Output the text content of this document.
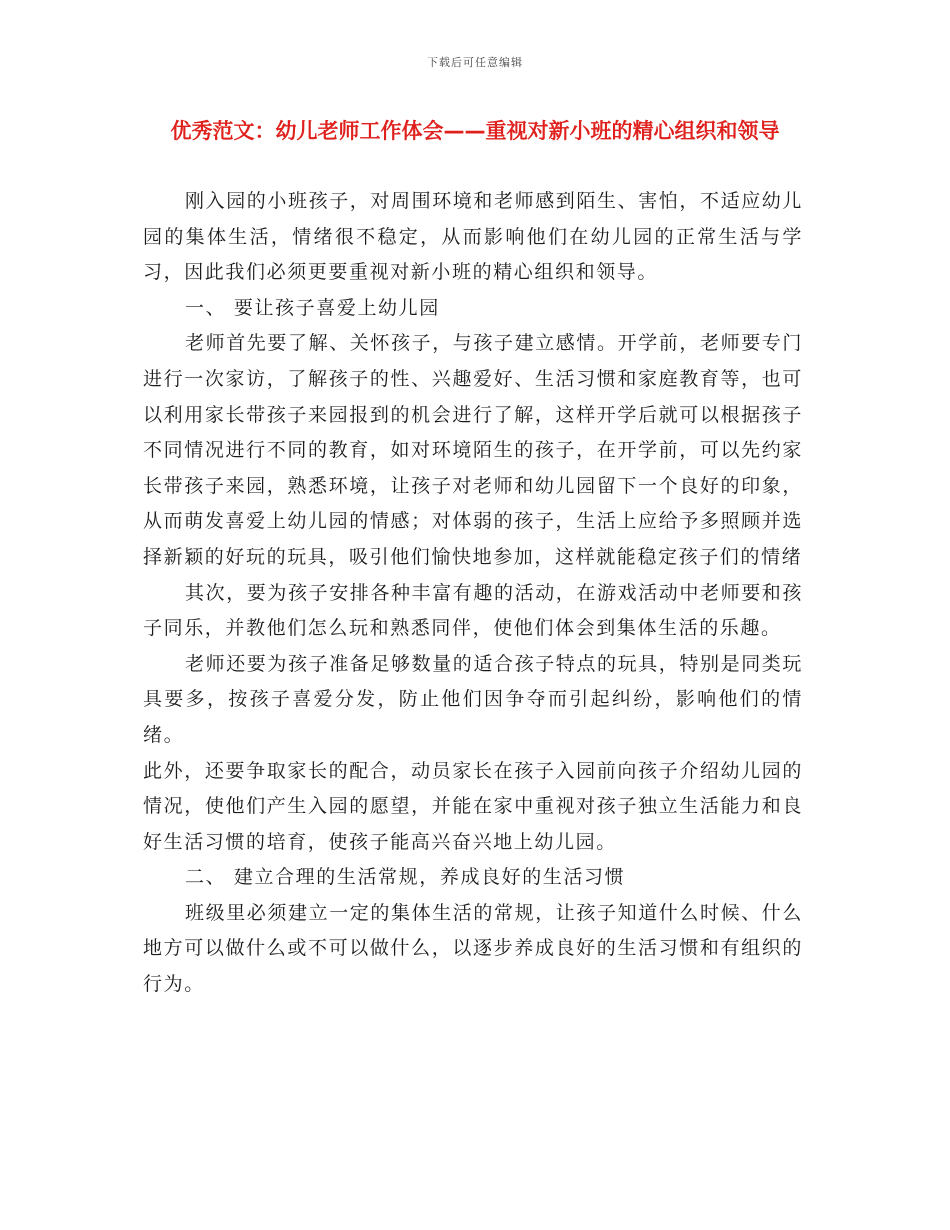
下载后可任意编辑
优秀范文：幼儿老师工作体会——重视对新小班的精心组织和领导

刚入园的小班孩子，对周围环境和老师感到陌生、害怕，不适应幼儿园的集体生活，情绪很不稳定，从而影响他们在幼儿园的正常生活与学习，因此我们必须更要重视对新小班的精心组织和领导。

一、 要让孩子喜爱上幼儿园

老师首先要了解、关怀孩子，与孩子建立感情。开学前，老师要专门进行一次家访，了解孩子的性、兴趣爱好、生活习惯和家庭教育等，也可以利用家长带孩子来园报到的机会进行了解，这样开学后就可以根据孩子不同情况进行不同的教育，如对环境陌生的孩子，在开学前，可以先约家长带孩子来园，熟悉环境，让孩子对老师和幼儿园留下一个良好的印象，从而萌发喜爱上幼儿园的情感；对体弱的孩子，生活上应给予多照顾并选择新颖的好玩的玩具，吸引他们愉快地参加，这样就能稳定孩子们的情绪

其次，要为孩子安排各种丰富有趣的活动，在游戏活动中老师要和孩子同乐，并教他们怎么玩和熟悉同伴，使他们体会到集体生活的乐趣。

老师还要为孩子准备足够数量的适合孩子特点的玩具，特别是同类玩具要多，按孩子喜爱分发，防止他们因争夺而引起纠纷，影响他们的情绪。

此外，还要争取家长的配合，动员家长在孩子入园前向孩子介绍幼儿园的情况，使他们产生入园的愿望，并能在家中重视对孩子独立生活能力和良好生活习惯的培育，使孩子能高兴奋兴地上幼儿园。

二、 建立合理的生活常规，养成良好的生活习惯

班级里必须建立一定的集体生活的常规，让孩子知道什么时候、什么地方可以做什么或不可以做什么，以逐步养成良好的生活习惯和有组织的行为。
